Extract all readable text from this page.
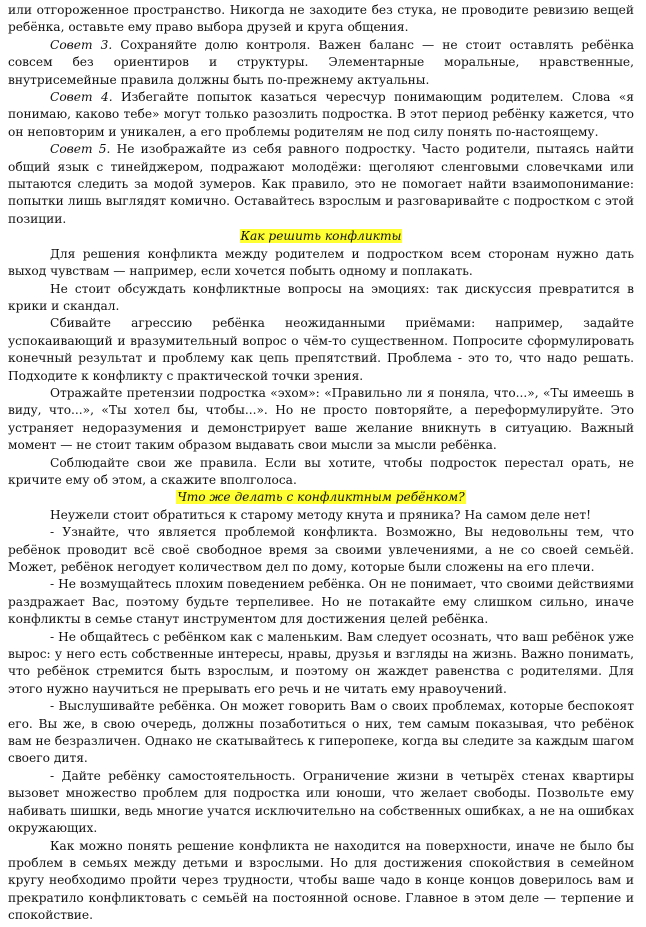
или отгороженное пространство. Никогда не заходите без стука, не проводите ревизию вещей ребёнка, оставьте ему право выбора друзей и круга общения.

Совет 3. Сохраняйте долю контроля. Важен баланс — не стоит оставлять ребёнка совсем без ориентиров и структуры. Элементарные моральные, нравственные, внутрисемейные правила должны быть по-прежнему актуальны.

Совет 4. Избегайте попыток казаться чересчур понимающим родителем. Слова «я понимаю, каково тебе» могут только разозлить подростка. В этот период ребёнку кажется, что он неповторим и уникален, а его проблемы родителям не под силу понять по-настоящему.

Совет 5. Не изображайте из себя равного подростку. Часто родители, пытаясь найти общий язык с тинейджером, подражают молодёжи: щеголяют сленговыми словечками или пытаются следить за модой зумеров. Как правило, это не помогает найти взаимопонимание: попытки лишь выглядят комично. Оставайтесь взрослым и разговаривайте с подростком с этой позиции.

Как решить конфликты

Для решения конфликта между родителем и подростком всем сторонам нужно дать выход чувствам — например, если хочется побыть одному и поплакать.

Не стоит обсуждать конфликтные вопросы на эмоциях: так дискуссия превратится в крики и скандал.

Сбивайте агрессию ребёнка неожиданными приёмами: например, задайте успокаивающий и вразумительный вопрос о чём-то существенном. Попросите сформулировать конечный результат и проблему как цепь препятствий. Проблема - это то, что надо решать. Подходите к конфликту с практической точки зрения.

Отражайте претензии подростка «эхом»: «Правильно ли я поняла, что...», «Ты имеешь в виду, что...», «Ты хотел бы, чтобы...». Но не просто повторяйте, а переформулируйте. Это устраняет недоразумения и демонстрирует ваше желание вникнуть в ситуацию. Важный момент — не стоит таким образом выдавать свои мысли за мысли ребёнка.

Соблюдайте свои же правила. Если вы хотите, чтобы подросток перестал орать, не кричите ему об этом, а скажите вполголоса.

Что же делать с конфликтным ребёнком?

Неужели стоит обратиться к старому методу кнута и пряника? На самом деле нет!

- Узнайте, что является проблемой конфликта. Возможно, Вы недовольны тем, что ребёнок проводит всё своё свободное время за своими увлечениями, а не со своей семьёй. Может, ребёнок негодует количеством дел по дому, которые были сложены на его плечи.

- Не возмущайтесь плохим поведением ребёнка. Он не понимает, что своими действиями раздражает Вас, поэтому будьте терпеливее. Но не потакайте ему слишком сильно, иначе конфликты в семье станут инструментом для достижения целей ребёнка.

- Не общайтесь с ребёнком как с маленьким. Вам следует осознать, что ваш ребёнок уже вырос: у него есть собственные интересы, нравы, друзья и взгляды на жизнь. Важно понимать, что ребёнок стремится быть взрослым, и поэтому он жаждет равенства с родителями. Для этого нужно научиться не прерывать его речь и не читать ему нравоучений.

- Выслушивайте ребёнка. Он может говорить Вам о своих проблемах, которые беспокоят его. Вы же, в свою очередь, должны позаботиться о них, тем самым показывая, что ребёнок вам не безразличен. Однако не скатывайтесь к гиперопеке, когда вы следите за каждым шагом своего дитя.

- Дайте ребёнку самостоятельность. Ограничение жизни в четырёх стенах квартиры вызовет множество проблем для подростка или юноши, что желает свободы. Позвольте ему набивать шишки, ведь многие учатся исключительно на собственных ошибках, а не на ошибках окружающих.

Как можно понять решение конфликта не находится на поверхности, иначе не было бы проблем в семьях между детьми и взрослыми. Но для достижения спокойствия в семейном кругу необходимо пройти через трудности, чтобы ваше чадо в конце концов доверилось вам и прекратило конфликтовать с семьёй на постоянной основе. Главное в этом деле — терпение и спокойствие.
